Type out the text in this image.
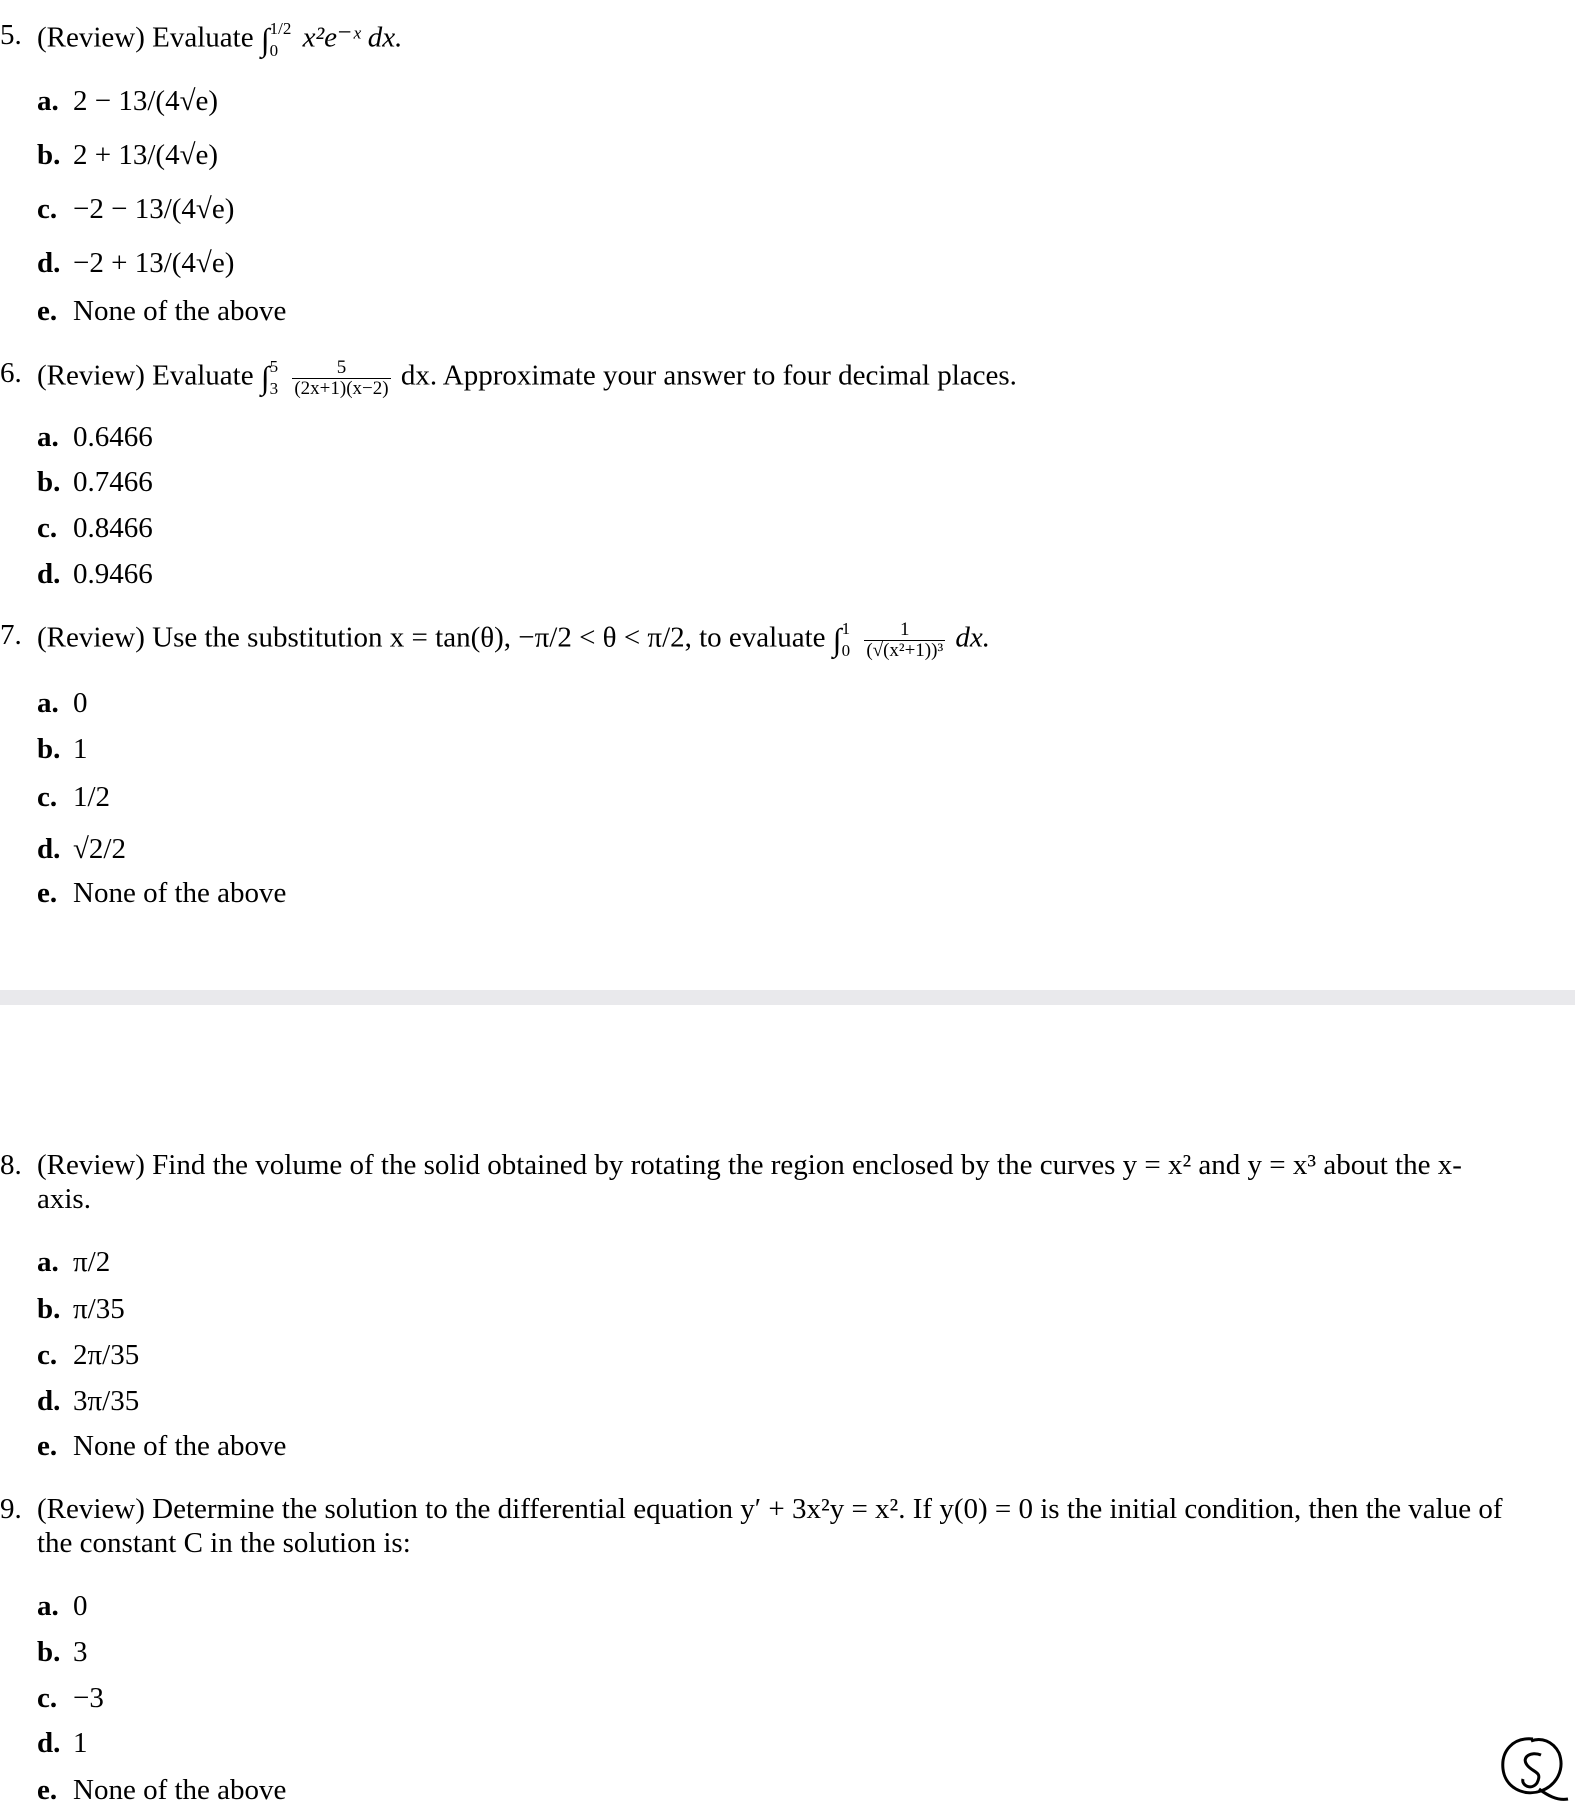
5. (Review) Evaluate ∫ 1/2
0 x²e⁻ˣ dx.
a. 2 − 13/(4√e)
b. 2 + 13/(4√e)
c. −2 − 13/(4√e)
d. −2 + 13/(4√e)
e. None of the above
6. (Review) Evaluate ∫ 5
3
$\frac{5}{(2x+1)(x-2)}$ dx. Approximate your answer to four decimal places.
a. 0.6466
b. 0.7466
c. 0.8466
d. 0.9466
7. (Review) Use the substitution x = tan(θ), −π/2 < θ < π/2, to evaluate ∫ 1
0
$\frac{1}{\text{(√(x²+1))³}}$ dx.
a. 0
b. 1
c. 1/2
d. √2/2
e. None of the above
8. (Review) Find the volume of the solid obtained by rotating the region enclosed by the curves y = x² and y = x³ about the x-axis.
a. π/2
b. π/35
c. 2π/35
d. 3π/35
e. None of the above
9. (Review) Determine the solution to the differential equation y′ + 3x²y = x². If y(0) = 0 is the initial condition, then the value of the constant C in the solution is:
a. 0
b. 3
c. −3
d. 1
e. None of the above
